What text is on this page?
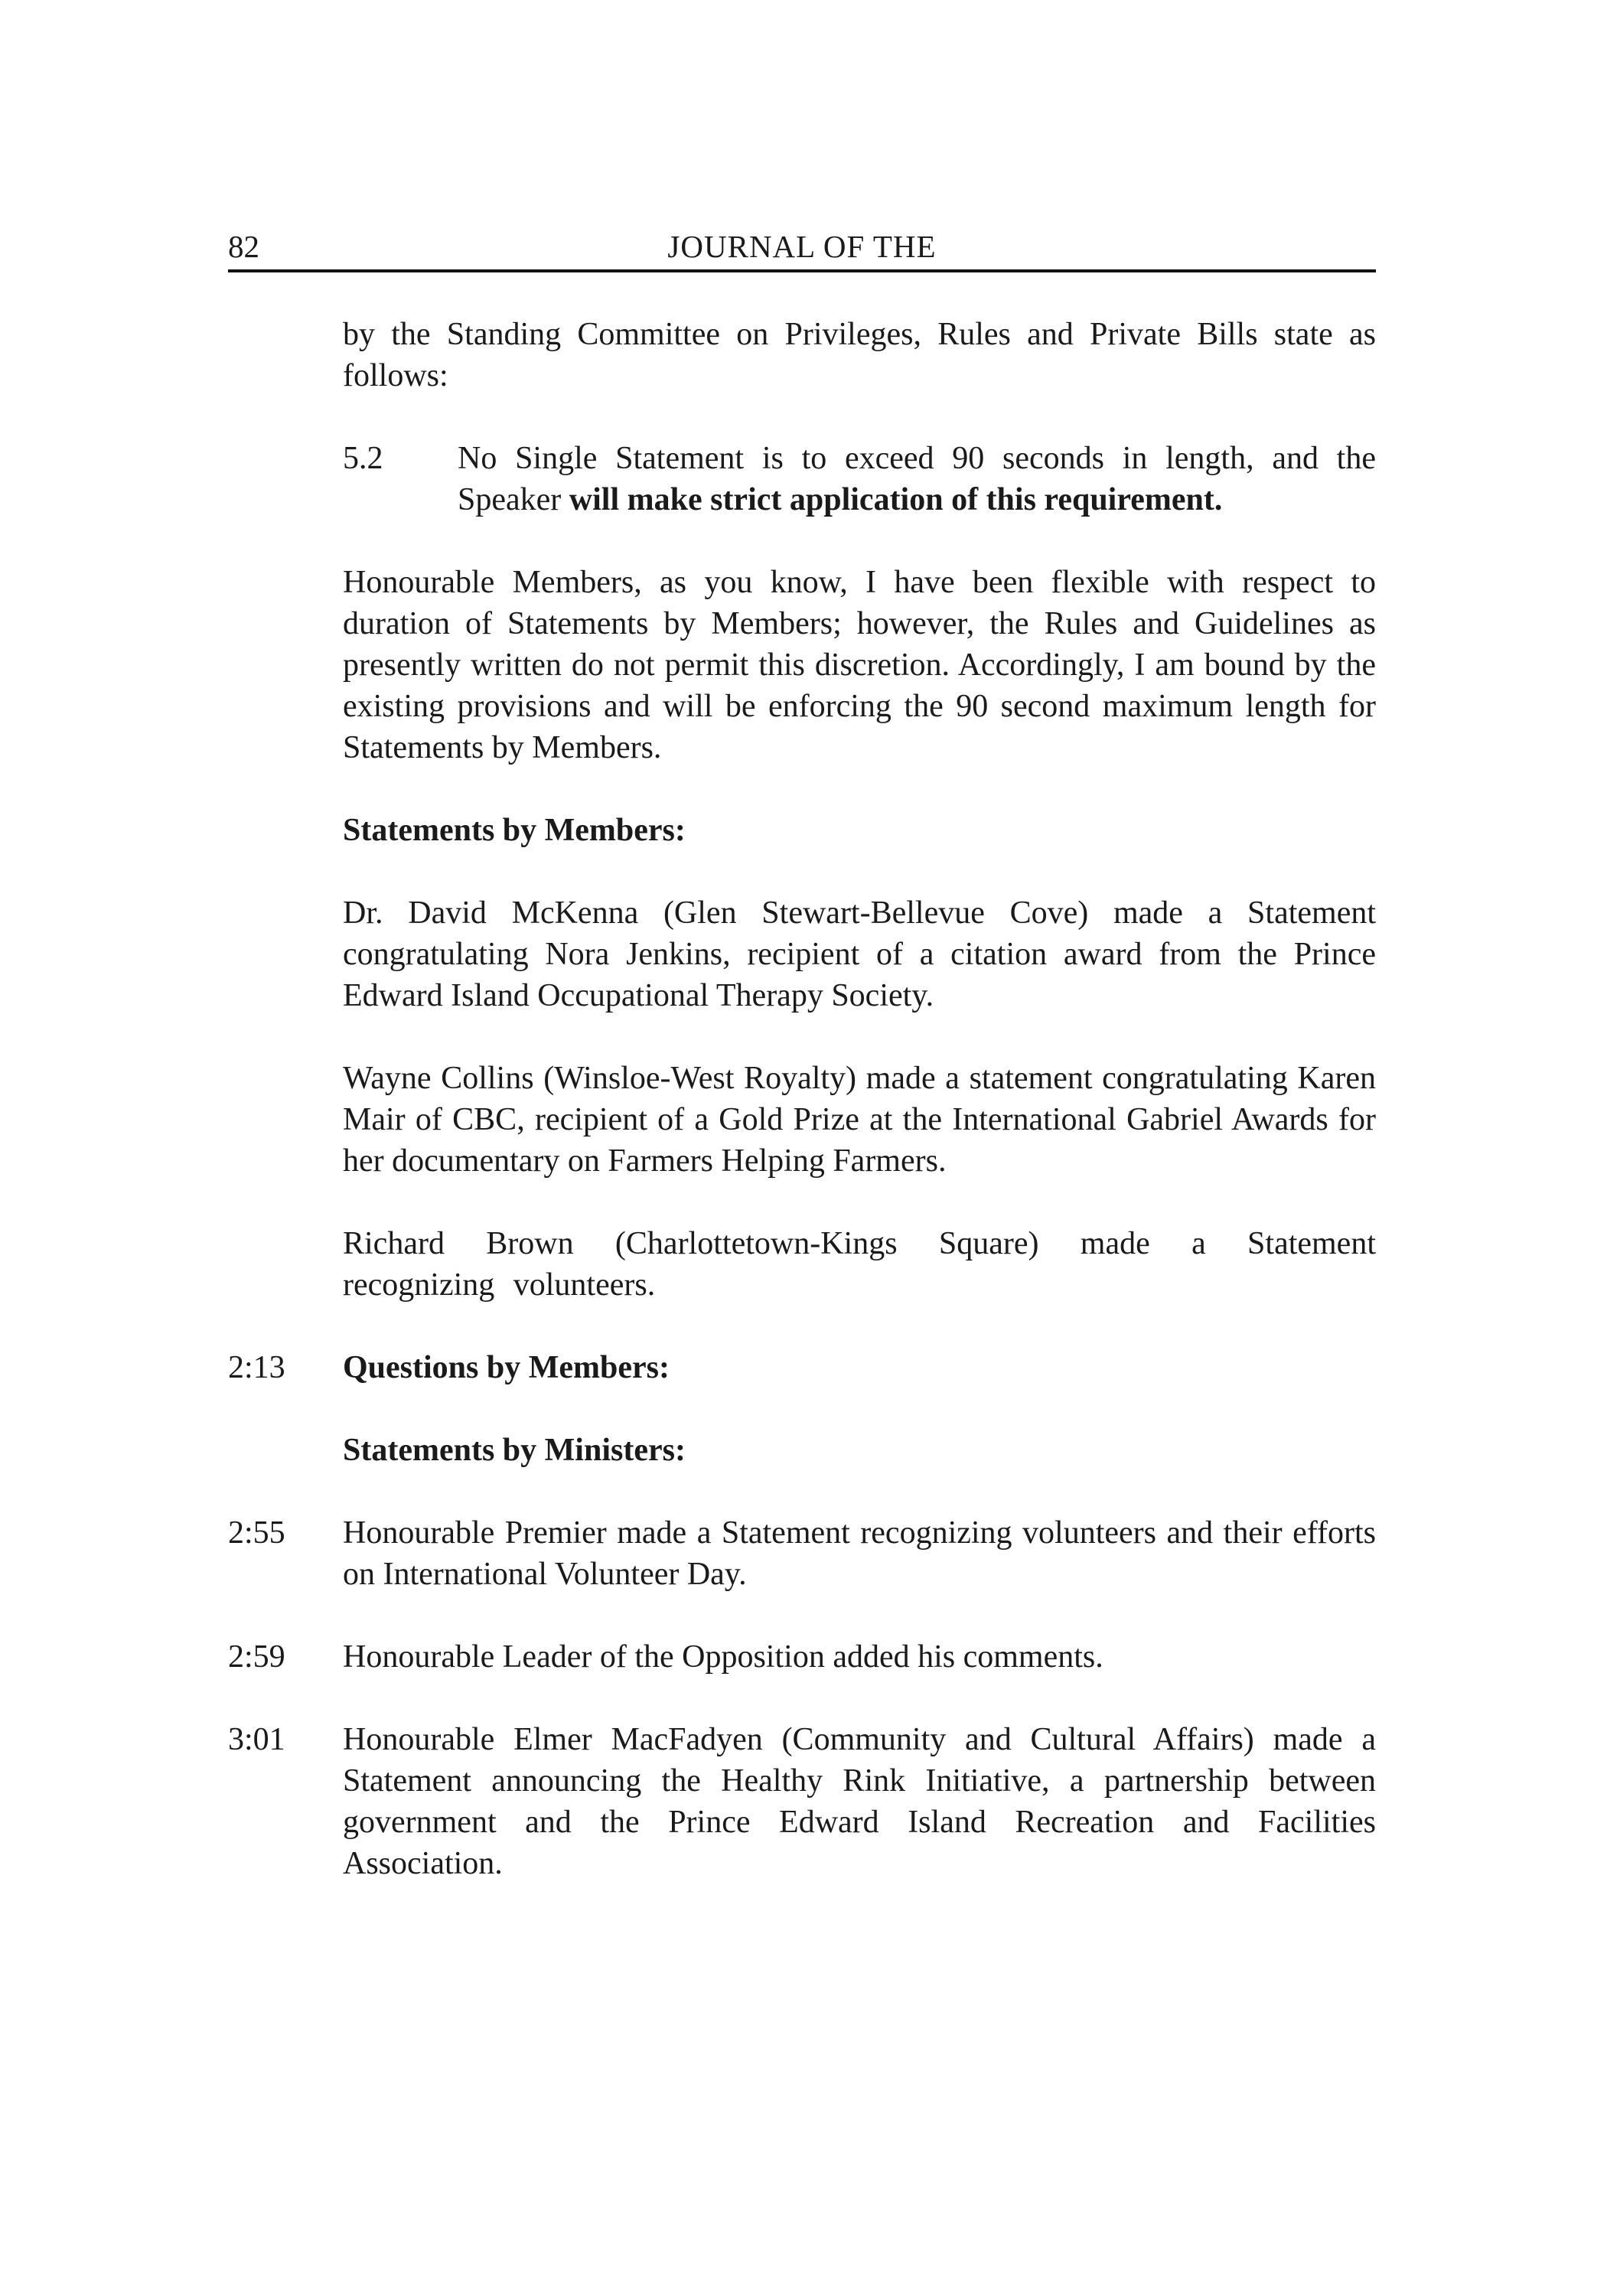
82	JOURNAL OF THE
by the Standing Committee on Privileges, Rules and Private Bills state as follows:
5.2 No Single Statement is to exceed 90 seconds in length, and the Speaker will make strict application of this requirement.
Honourable Members, as you know, I have been flexible with respect to duration of Statements by Members; however, the Rules and Guidelines as presently written do not permit this discretion. Accordingly, I am bound by the existing provisions and will be enforcing the 90 second maximum length for Statements by Members.
Statements by Members:
Dr. David McKenna (Glen Stewart-Bellevue Cove) made a Statement congratulating Nora Jenkins, recipient of a citation award from the Prince Edward Island Occupational Therapy Society.
Wayne Collins (Winsloe-West Royalty) made a statement congratulating Karen Mair of CBC, recipient of a Gold Prize at the International Gabriel Awards for her documentary on Farmers Helping Farmers.
Richard Brown (Charlottetown-Kings Square) made a Statement recognizing volunteers.
2:13 Questions by Members:
Statements by Ministers:
2:55 Honourable Premier made a Statement recognizing volunteers and their efforts on International Volunteer Day.
2:59 Honourable Leader of the Opposition added his comments.
3:01 Honourable Elmer MacFadyen (Community and Cultural Affairs) made a Statement announcing the Healthy Rink Initiative, a partnership between government and the Prince Edward Island Recreation and Facilities Association.
